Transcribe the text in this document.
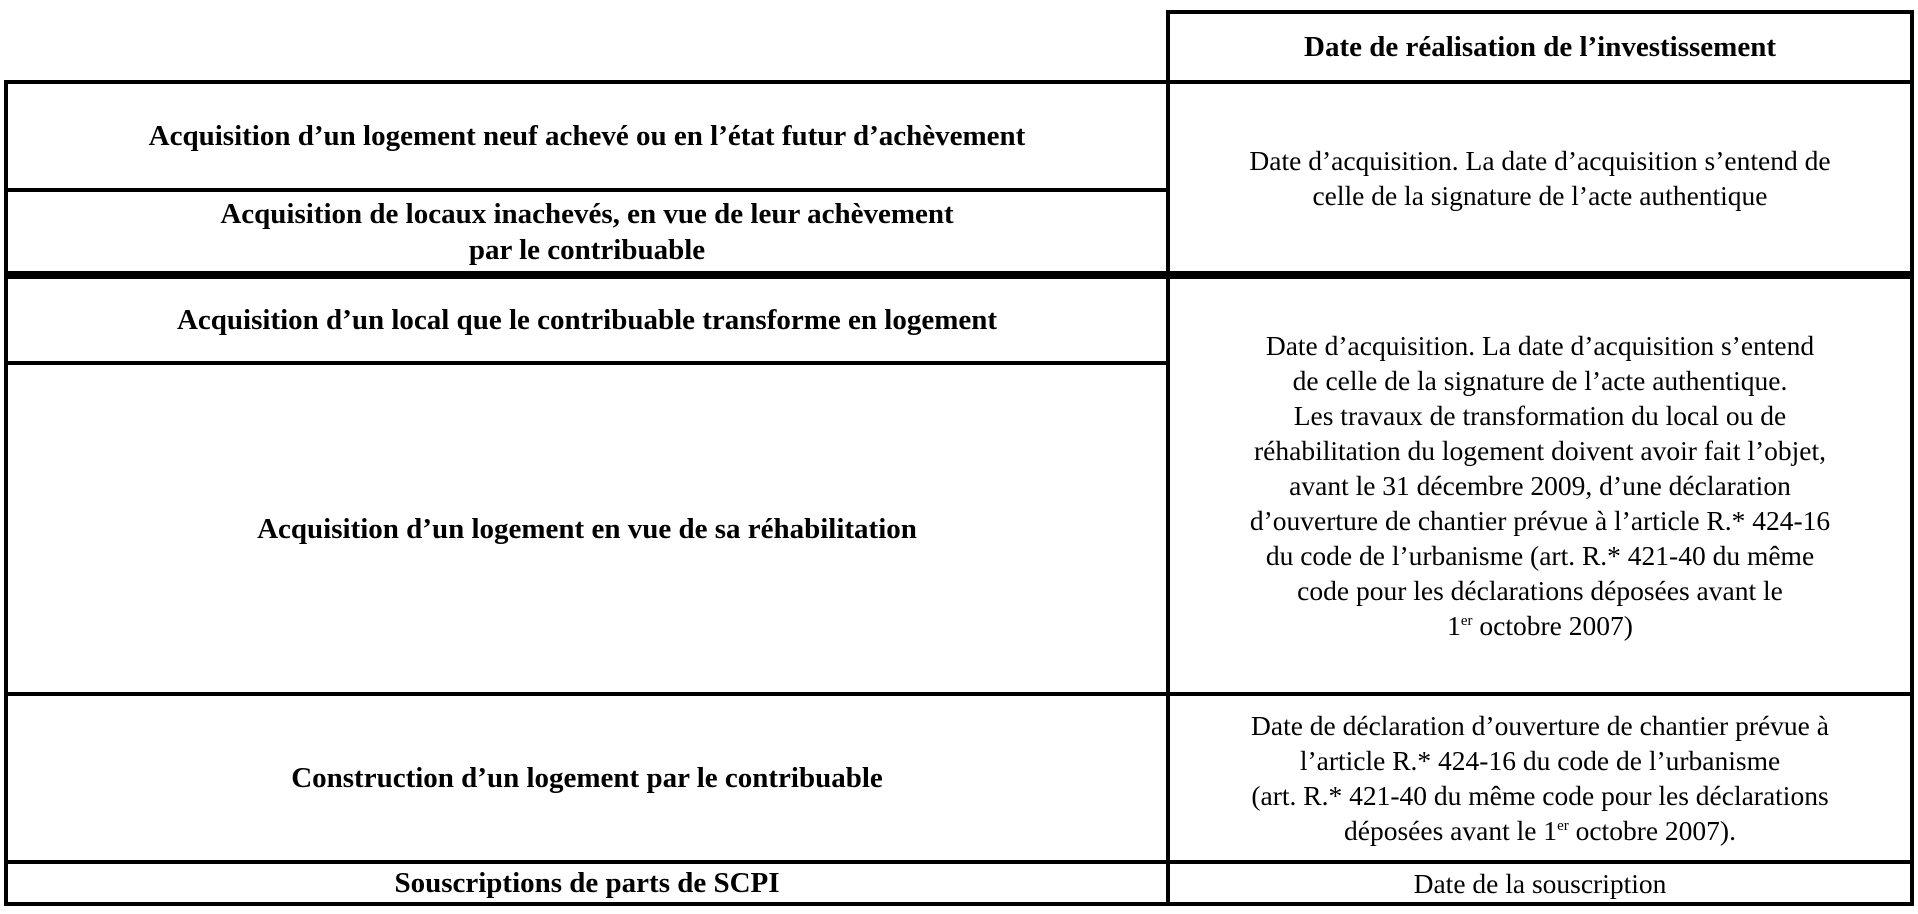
Date de réalisation de l’investissement
Acquisition d’un logement neuf achevé ou en l’état futur d’achèvement
Acquisition de locaux inachevés, en vue de leur achèvement
par le contribuable
Acquisition d’un local que le contribuable transforme en logement
Acquisition d’un logement en vue de sa réhabilitation
Construction d’un logement par le contribuable
Souscriptions de parts de SCPI
Date d’acquisition. La date d’acquisition s’entend de
celle de la signature de l’acte authentique
Date d’acquisition. La date d’acquisition s’entend
de celle de la signature de l’acte authentique.
Les travaux de transformation du local ou de
réhabilitation du logement doivent avoir fait l’objet,
avant le 31 décembre 2009, d’une déclaration
d’ouverture de chantier prévue à l’article R.* 424-16
du code de l’urbanisme (art. R.* 421-40 du même
code pour les déclarations déposées avant le
1er octobre 2007)
Date de déclaration d’ouverture de chantier prévue à
l’article R.* 424-16 du code de l’urbanisme
(art. R.* 421-40 du même code pour les déclarations
déposées avant le 1er octobre 2007).
Date de la souscription
